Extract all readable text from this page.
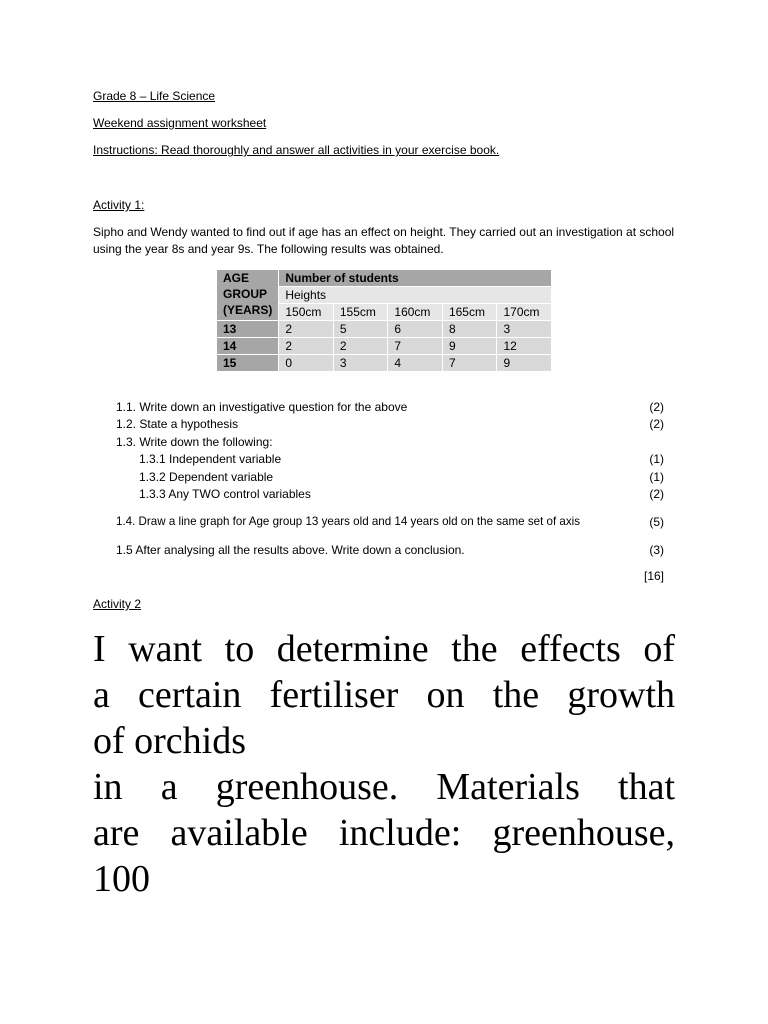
Grade 8 – Life Science
Weekend assignment worksheet
Instructions: Read thoroughly and answer all activities in your exercise book.
Activity 1:
Sipho and Wendy wanted to find out if age has an effect on height. They carried out an investigation at school using the year 8s and year 9s. The following results was obtained.
AGE
GROUP
(YEARS)	Number of students				
	Heights				
	150cm	155cm	160cm	165cm	170cm
13	2	5	6	8	3
14	2	2	7	9	12
15	0	3	4	7	9
1.1. Write down an investigative question for the above	(2)
1.2. State a hypothesis	(2)
1.3. Write down the following:
1.3.1 Independent variable	(1)
1.3.2 Dependent variable	(1)
1.3.3 Any TWO control variables	(2)
1.4. Draw a line graph for Age group 13 years old and 14 years old on the same set of axis	(5)
1.5 After analysing all the results above. Write down a conclusion.	(3)
[16]
Activity 2
I want to determine the effects of
a certain fertiliser on the growth
of orchids
in a greenhouse. Materials that
are available include: greenhouse,
100
